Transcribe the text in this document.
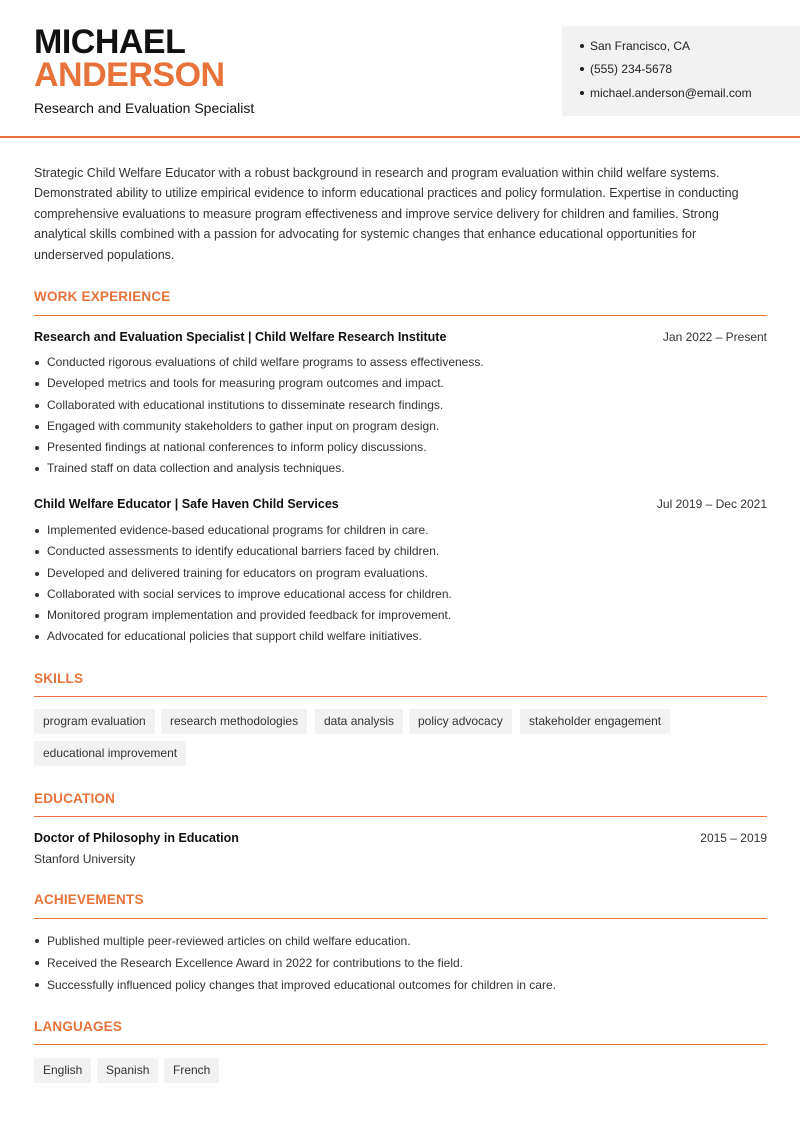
MICHAEL
ANDERSON
Research and Evaluation Specialist
San Francisco, CA
(555) 234-5678
michael.anderson@email.com
Strategic Child Welfare Educator with a robust background in research and program evaluation within child welfare systems. Demonstrated ability to utilize empirical evidence to inform educational practices and policy formulation. Expertise in conducting comprehensive evaluations to measure program effectiveness and improve service delivery for children and families. Strong analytical skills combined with a passion for advocating for systemic changes that enhance educational opportunities for underserved populations.
WORK EXPERIENCE
Research and Evaluation Specialist | Child Welfare Research Institute	Jan 2022 – Present
Conducted rigorous evaluations of child welfare programs to assess effectiveness.
Developed metrics and tools for measuring program outcomes and impact.
Collaborated with educational institutions to disseminate research findings.
Engaged with community stakeholders to gather input on program design.
Presented findings at national conferences to inform policy discussions.
Trained staff on data collection and analysis techniques.
Child Welfare Educator | Safe Haven Child Services	Jul 2019 – Dec 2021
Implemented evidence-based educational programs for children in care.
Conducted assessments to identify educational barriers faced by children.
Developed and delivered training for educators on program evaluations.
Collaborated with social services to improve educational access for children.
Monitored program implementation and provided feedback for improvement.
Advocated for educational policies that support child welfare initiatives.
SKILLS
program evaluation	research methodologies	data analysis	policy advocacy	stakeholder engagement
educational improvement
EDUCATION
Doctor of Philosophy in Education	2015 – 2019
Stanford University
ACHIEVEMENTS
Published multiple peer-reviewed articles on child welfare education.
Received the Research Excellence Award in 2022 for contributions to the field.
Successfully influenced policy changes that improved educational outcomes for children in care.
LANGUAGES
English	Spanish	French
